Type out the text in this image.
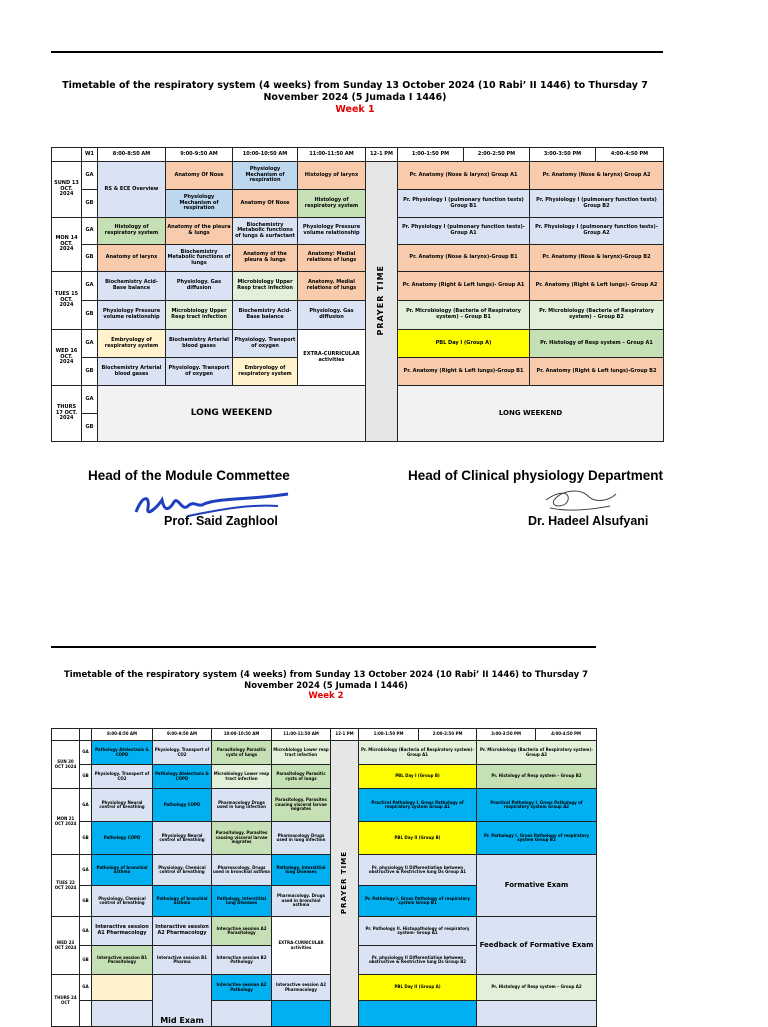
Timetable of the respiratory system (4 weeks) from Sunday 13 October 2024 (10 Rabi’ II 1446) to Thursday 7 November 2024 (5 Jumada I 1446)
Week 1
	W1	8:00-8:50 AM	9:00-9:50 AM	10:00-10:50 AM	11:00-11:50 AM	12-1 PM	1:00-1:50 PM	2:00-2:50 PM	3:00-3:50 PM	4:00-4:50 PM
SUND 13 OCT. 2024	GA	RS & ECE Overview	Anatomy Of Nose	Physiology Mechanism of respiration	Histology of larynx	PRAYER TIME	Pr. Anatomy (Nose & larynx) Group A1		Pr. Anatomy (Nose & larynx) Group A2	
	GB		Physiology Mechanism of respiration	Anatomy Of Nose	Histology of respiratory system		Pr. Physiology I (pulmonary function tests) Group B1		Pr. Physiology I (pulmonary function tests) Group B2	
MON 14 OCT. 2024	GA	Histology of respiratory system	Anatomy of the pleura & lungs	Biochemistry Metabolic functions of lungs & surfactant	Physiology Pressure volume relationship		Pr. Physiology I (pulmonary function tests)- Group A1		Pr. Physiology I (pulmonary function tests)- Group A2	
	GB	Anatomy of larynx	Biochemistry Metabolic functions of lungs	Anatomy of the pleura & lungs	Anatomy: Medial relations of lungs		Pr. Anatomy (Nose & larynx)-Group B1		Pr. Anatomy (Nose & larynx)-Group B2	
TUES 15 OCT. 2024	GA	Biochemistry Acid-Base balance	Physiology. Gas diffusion	Microbiology Upper Resp tract infection	Anatomy. Medial relations of lungs		Pr. Anatomy (Right & Left lungs)- Group A1		Pr. Anatomy (Right & Left lungs)- Group A2	
	GB	Physiology Pressure volume relationship	Microbiology Upper Resp tract infection	Biochemistry Acid-Base balance	Physiology. Gas diffusion		Pr. Microbiology (Bacteria of Respiratory system) – Group B1		Pr. Microbiology (Bacteria of Respiratory system) – Group B2	
WED 16 OCT. 2024	GA	Embryology of respiratory system	Biochemistry Arterial blood gases	Physiology. Transport of oxygen	EXTRA-CURRICULAR activities		PBL Day I (Group A)		Pr. Histology of Resp system – Group A1	
	GB	Biochemistry Arterial blood gases	Physiology. Transport of oxygen	Embryology of respiratory system			Pr. Anatomy (Right & Left lungs)-Group B1		Pr. Anatomy (Right & Left lungs)-Group B2	
THURS 17 OCT. 2024	GA	LONG WEEKEND					LONG WEEKEND			
	GB									
Head of the Module Commettee
Prof. Said Zaghlool
Head of Clinical physiology Department
Dr. Hadeel Alsufyani
Timetable of the respiratory system (4 weeks) from Sunday 13 October 2024 (10 Rabi’ II 1446) to Thursday 7 November 2024 (5 Jumada I 1446)
Week 2
		8:00-8:50 AM	9:00-9:50 AM	10:00-10:50 AM	11:00-11:50 AM	12-1 PM	1:00-1:50 PM	2:00-2:50 PM	3:00-3:50 PM	4:00-4:50 PM
SUN 20 OCT 2024	GA	Pathology Atelectasis & COPD	Physiology. Transport of CO2	Parasitology Parasitic cysts of lungs	Microbiology Lower resp tract infection	PRAYER TIME	Pr. Microbiology (Bacteria of Respiratory system)-Group A1		Pr. Microbiology (Bacteria of Respiratory system)-Group A2	
	GB	Physiology. Transport of CO2	Pathology Atelectasis & COPD	Microbiology Lower resp tract infection	Parasitology Parasitic cysts of lungs		PBL Day I (Group B)		Pr. Histology of Resp system – Group B2	
MON 21 OCT 2024	GA	Physiology Neural control of breathing	Pathology COPD	Pharmacology Drugs used in lung infection	Parasitology. Parasites causing visceral larvae migrates		Practical Pathology I. Gross Pathology of respiratory system Group A1		Practical Pathology I. Gross Pathology of respiratory system Group A2	
	GB	Pathology COPD	Physiology Neural control of breathing	Parasitology. Parasites causing visceral larvae migrates	Pharmacology Drugs used in lung infection		PBL Day II (Group B)		Pr. Pathology I. Gross Pathology of respiratory system Group B2	
TUES 22 OCT 2024	GA	Pathology of bronchial asthma	Physiology. Chemical control of breathing	Pharmacology. Drugs used in bronchial asthma	Pathology. Interstitial lung Diseases		Pr. physiology II Differentiation between obstructive & Restrictive lung Ds Group A1		Formative Exam	
	GB	Physiology. Chemical control of breathing	Pathology of bronchial asthma	Pathology. Interstitial lung Diseases	Pharmacology. Drugs used in bronchial asthma		Pr. Pathology I. Gross Pathology of respiratory system Group B1			
WED 23 OCT 2024	GA	Interactive session A1 Pharmacology	Interactive session A2 Pharmacology	Interactive session A2 Parasitology	EXTRA-CURRICULAR activities		Pr. Pathology II. Histopathology of respiratory system- Group A1		Feedback of Formative Exam	
	GB	Interactive session B1 Parasitology	Interactive session B1 Pharma	Interactive session B2 Pathology			Pr. physiology II Differentiation between obstructive & Restrictive lung Ds Group B2			
THURS 24 OCT	GA		Mid Exam	Interactive session A2 Pathology	Interactive session A2 Pharmacology		PBL Day II (Group A)		Pr. Histology of Resp system – Group A2	
